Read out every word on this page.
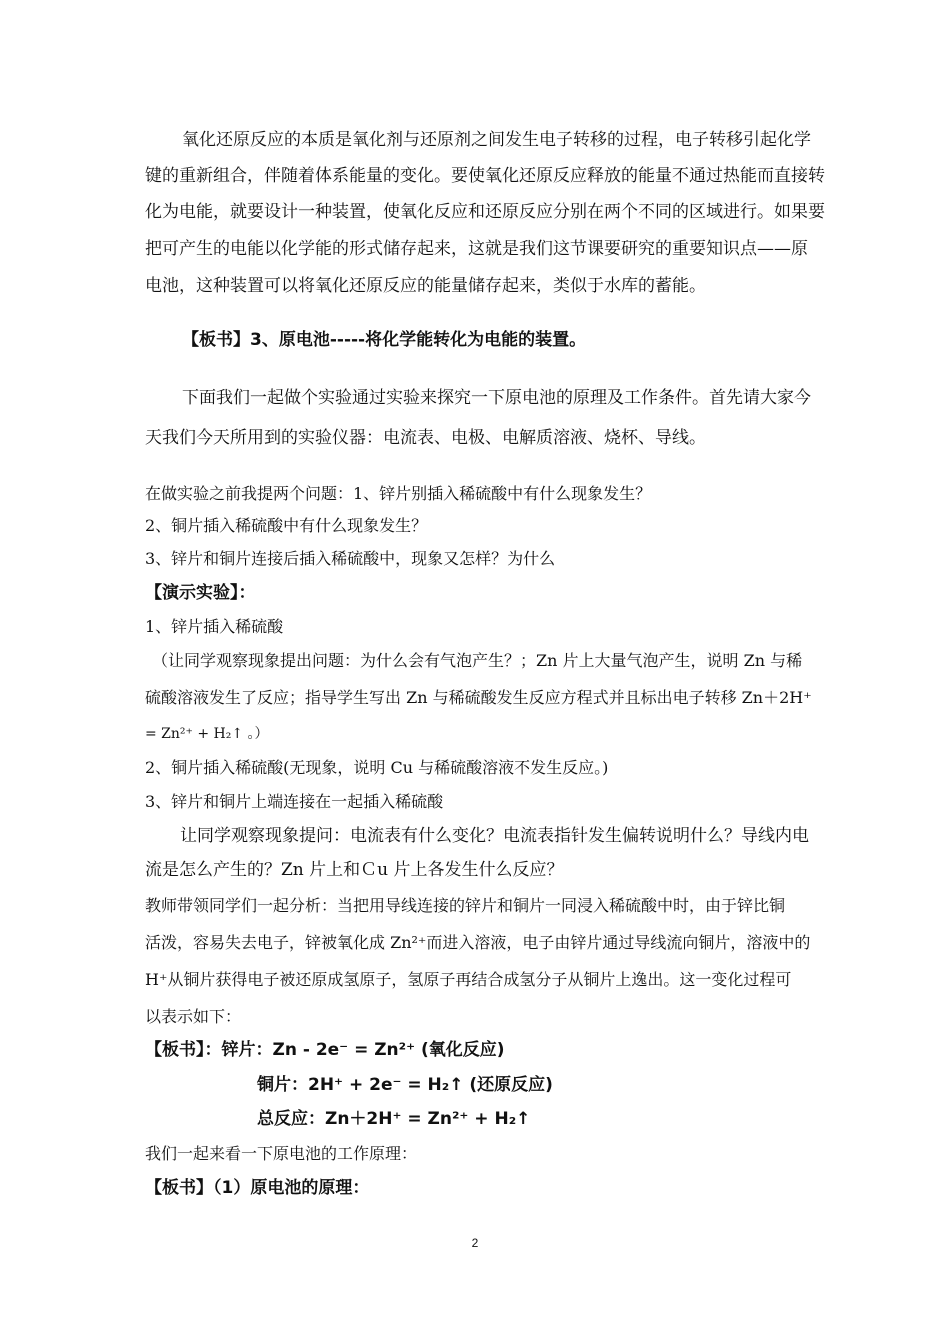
氧化还原反应的本质是氧化剂与还原剂之间发生电子转移的过程，电子转移引起化学
键的重新组合，伴随着体系能量的变化。要使氧化还原反应释放的能量不通过热能而直接转
化为电能，就要设计一种装置，使氧化反应和还原反应分别在两个不同的区域进行。如果要
把可产生的电能以化学能的形式储存起来，这就是我们这节课要研究的重要知识点——原
电池，这种装置可以将氧化还原反应的能量储存起来，类似于水库的蓄能。
【板书】3、原电池-----将化学能转化为电能的装置。
下面我们一起做个实验通过实验来探究一下原电池的原理及工作条件。首先请大家今
天我们今天所用到的实验仪器：电流表、电极、电解质溶液、烧杯、导线。
在做实验之前我提两个问题：1、锌片别插入稀硫酸中有什么现象发生？
2、铜片插入稀硫酸中有什么现象发生？
3、锌片和铜片连接后插入稀硫酸中，现象又怎样？为什么
【演示实验】：
1、锌片插入稀硫酸
（让同学观察现象提出问题：为什么会有气泡产生？；Zn 片上大量气泡产生，说明 Zn 与稀
硫酸溶液发生了反应；指导学生写出 Zn 与稀硫酸发生反应方程式并且标出电子转移 Zn＋2H⁺
= Zn²⁺ + H₂↑ 。）
2、铜片插入稀硫酸(无现象，说明 Cu 与稀硫酸溶液不发生反应。)
3、锌片和铜片上端连接在一起插入稀硫酸
让同学观察现象提问：电流表有什么变化？电流表指针发生偏转说明什么？导线内电
流是怎么产生的？Zn 片上和Ｃu 片上各发生什么反应？
教师带领同学们一起分析：当把用导线连接的锌片和铜片一同浸入稀硫酸中时，由于锌比铜
活泼，容易失去电子，锌被氧化成 Zn²⁺而进入溶液，电子由锌片通过导线流向铜片，溶液中的
H⁺从铜片获得电子被还原成氢原子，氢原子再结合成氢分子从铜片上逸出。这一变化过程可
以表示如下：
【板书】：锌片：Zn - 2e⁻ = Zn²⁺ (氧化反应)
铜片：2H⁺ + 2e⁻ = H₂↑ (还原反应)
总反应：Zn＋2H⁺ = Zn²⁺ + H₂↑
我们一起来看一下原电池的工作原理：
【板书】（1）原电池的原理：
2
